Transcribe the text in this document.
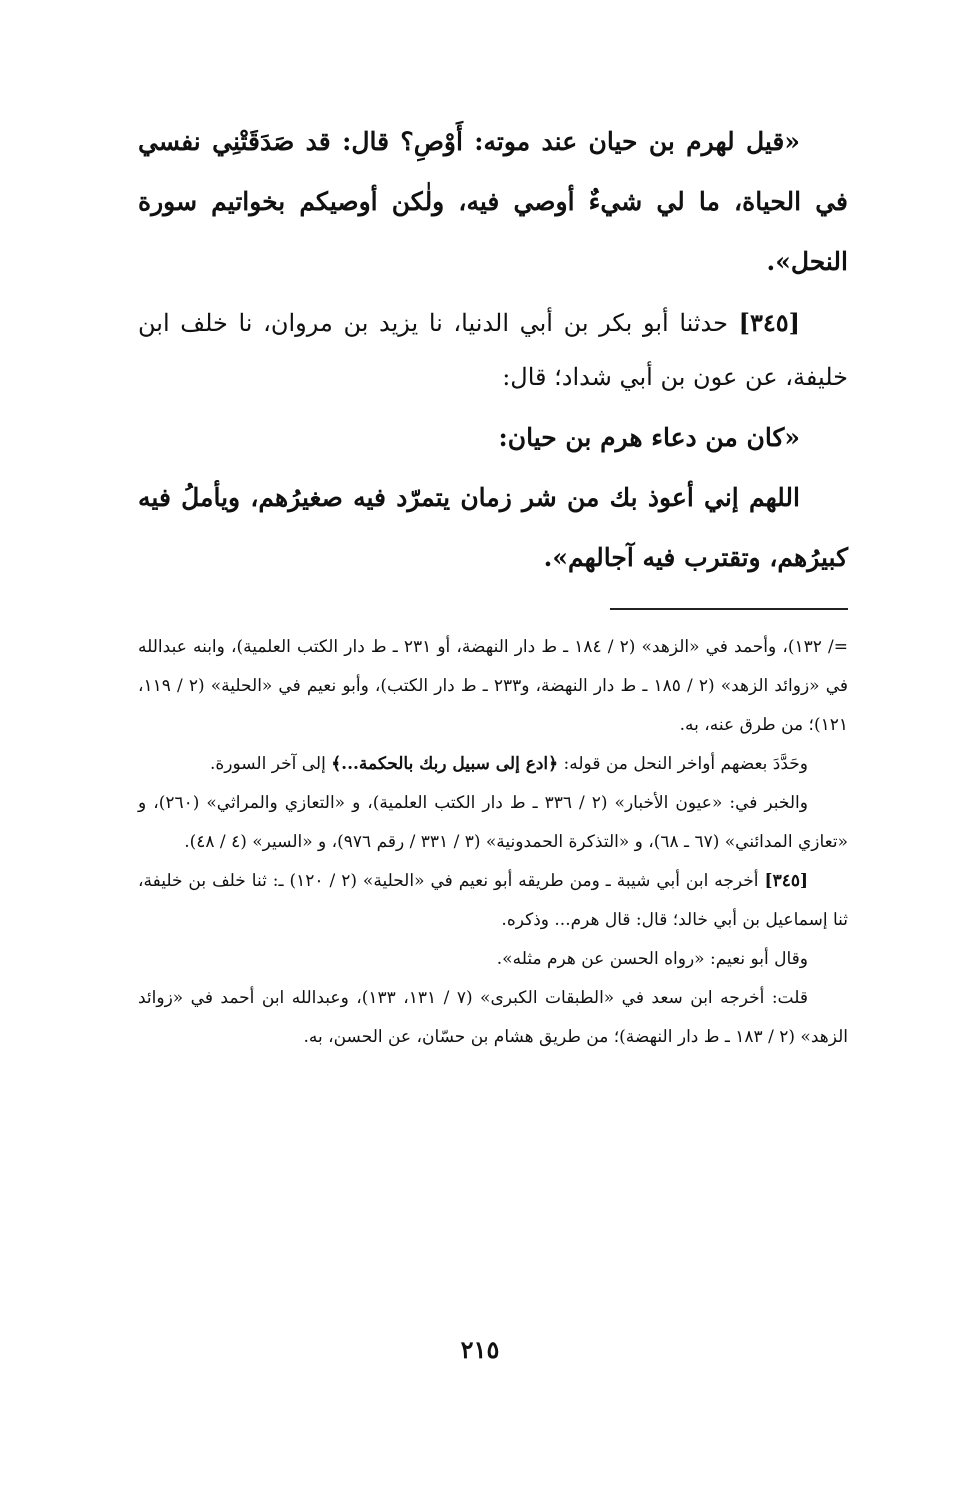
«قيل لهرم بن حيان عند موته: أَوْصِ؟ قال: قد صَدَقَتْنِي نفسي في الحياة، ما لي شيءٌ أوصي فيه، ولٰكن أوصيكم بخواتيم سورة النحل».

[٣٤٥] حدثنا أبو بكر بن أبي الدنيا، نا يزيد بن مروان، نا خلف ابن خليفة، عن عون بن أبي شداد؛ قال:

«كان من دعاء هرم بن حيان:

اللهم إني أعوذ بك من شر زمان يتمرّد فيه صغيرُهم، ويأملُ فيه كبيرُهم، وتقترب فيه آجالهم».

=/ ١٣٢)، وأحمد في «الزهد» (٢ / ١٨٤ ـ ط دار النهضة، أو ٢٣١ ـ ط دار الكتب العلمية)، وابنه عبدالله في «زوائد الزهد» (٢ / ١٨٥ ـ ط دار النهضة، و٢٣٣ ـ ط دار الكتب)، وأبو نعيم في «الحلية» (٢ / ١١٩، ١٢١)؛ من طرق عنه، به.

وحَدَّدَ بعضهم أواخر النحل من قوله: ﴿ادع إلى سبيل ربك بالحكمة...﴾ إلى آخر السورة.

والخبر في: «عيون الأخبار» (٢ / ٣٣٦ ـ ط دار الكتب العلمية)، و «التعازي والمراثي» (٢٦٠)، و «تعازي المدائني» (٦٧ ـ ٦٨)، و «التذكرة الحمدونية» (٣ / ٣٣١ / رقم ٩٧٦)، و «السير» (٤ / ٤٨).

[٣٤٥] أخرجه ابن أبي شيبة ـ ومن طريقه أبو نعيم في «الحلية» (٢ / ١٢٠) ـ: ثنا خلف بن خليفة، ثنا إسماعيل بن أبي خالد؛ قال: قال هرم... وذكره.

وقال أبو نعيم: «رواه الحسن عن هرم مثله».

قلت: أخرجه ابن سعد في «الطبقات الكبرى» (٧ / ١٣١، ١٣٣)، وعبدالله ابن أحمد في «زوائد الزهد» (٢ / ١٨٣ ـ ط دار النهضة)؛ من طريق هشام بن حسّان، عن الحسن، به.

٢١٥
